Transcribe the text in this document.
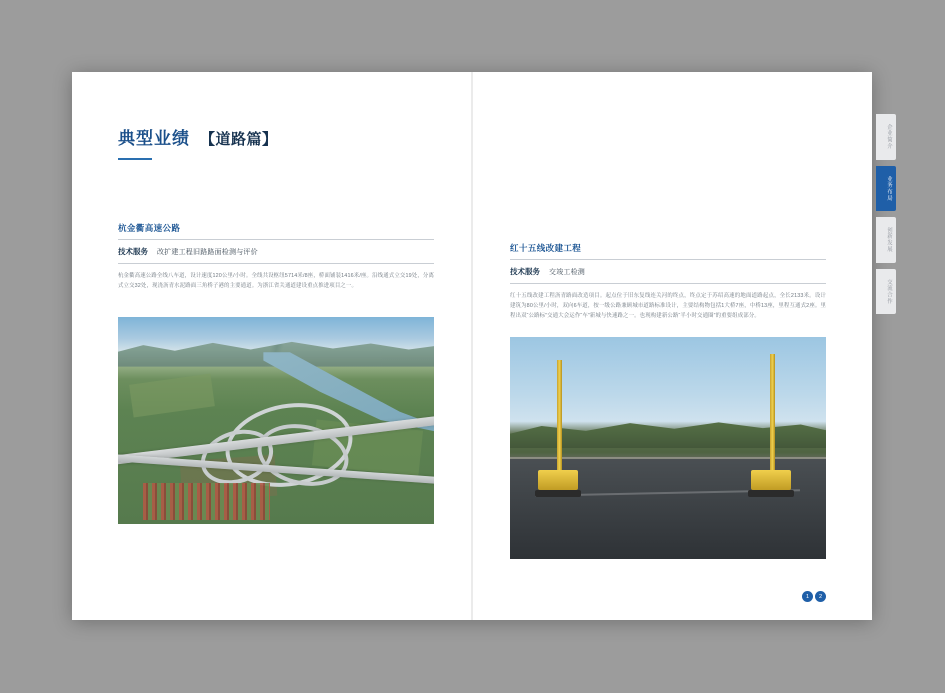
典型业绩 【道路篇】
杭金衢高速公路
技术服务 改扩建工程旧路路面检测与评价
杭金衢高速公路全线八车道，设计速度120公里/小时。全线共设枢纽5714米/8座，桥面铺装1416米/座。沿线通式立交19处，分离式立交32处，现浇沥青水泥路面三角桥子港的主要通道。为浙江省关通道建设重点推进项目之一。
红十五线改建工程
技术服务 交竣工检测
红十五线改建工程沥青路面改造项目。起点位于旧东复线连关河的终点，终点定于苏绍高速的地面道路起点，全长2133米。设计建筑为80公里/小时，双向6车道，按一级公路兼顾城市道路标准设计，主要结构物包括1大桥7座，中桥13座，里程互通式2座。里程出双“公路标”交通大会运作“车”新城与快速路之一。也现构建新公路“半小时交通圈”的重要组成部分。
1	2
企业简介
业务布局
创新发展
交流合作
